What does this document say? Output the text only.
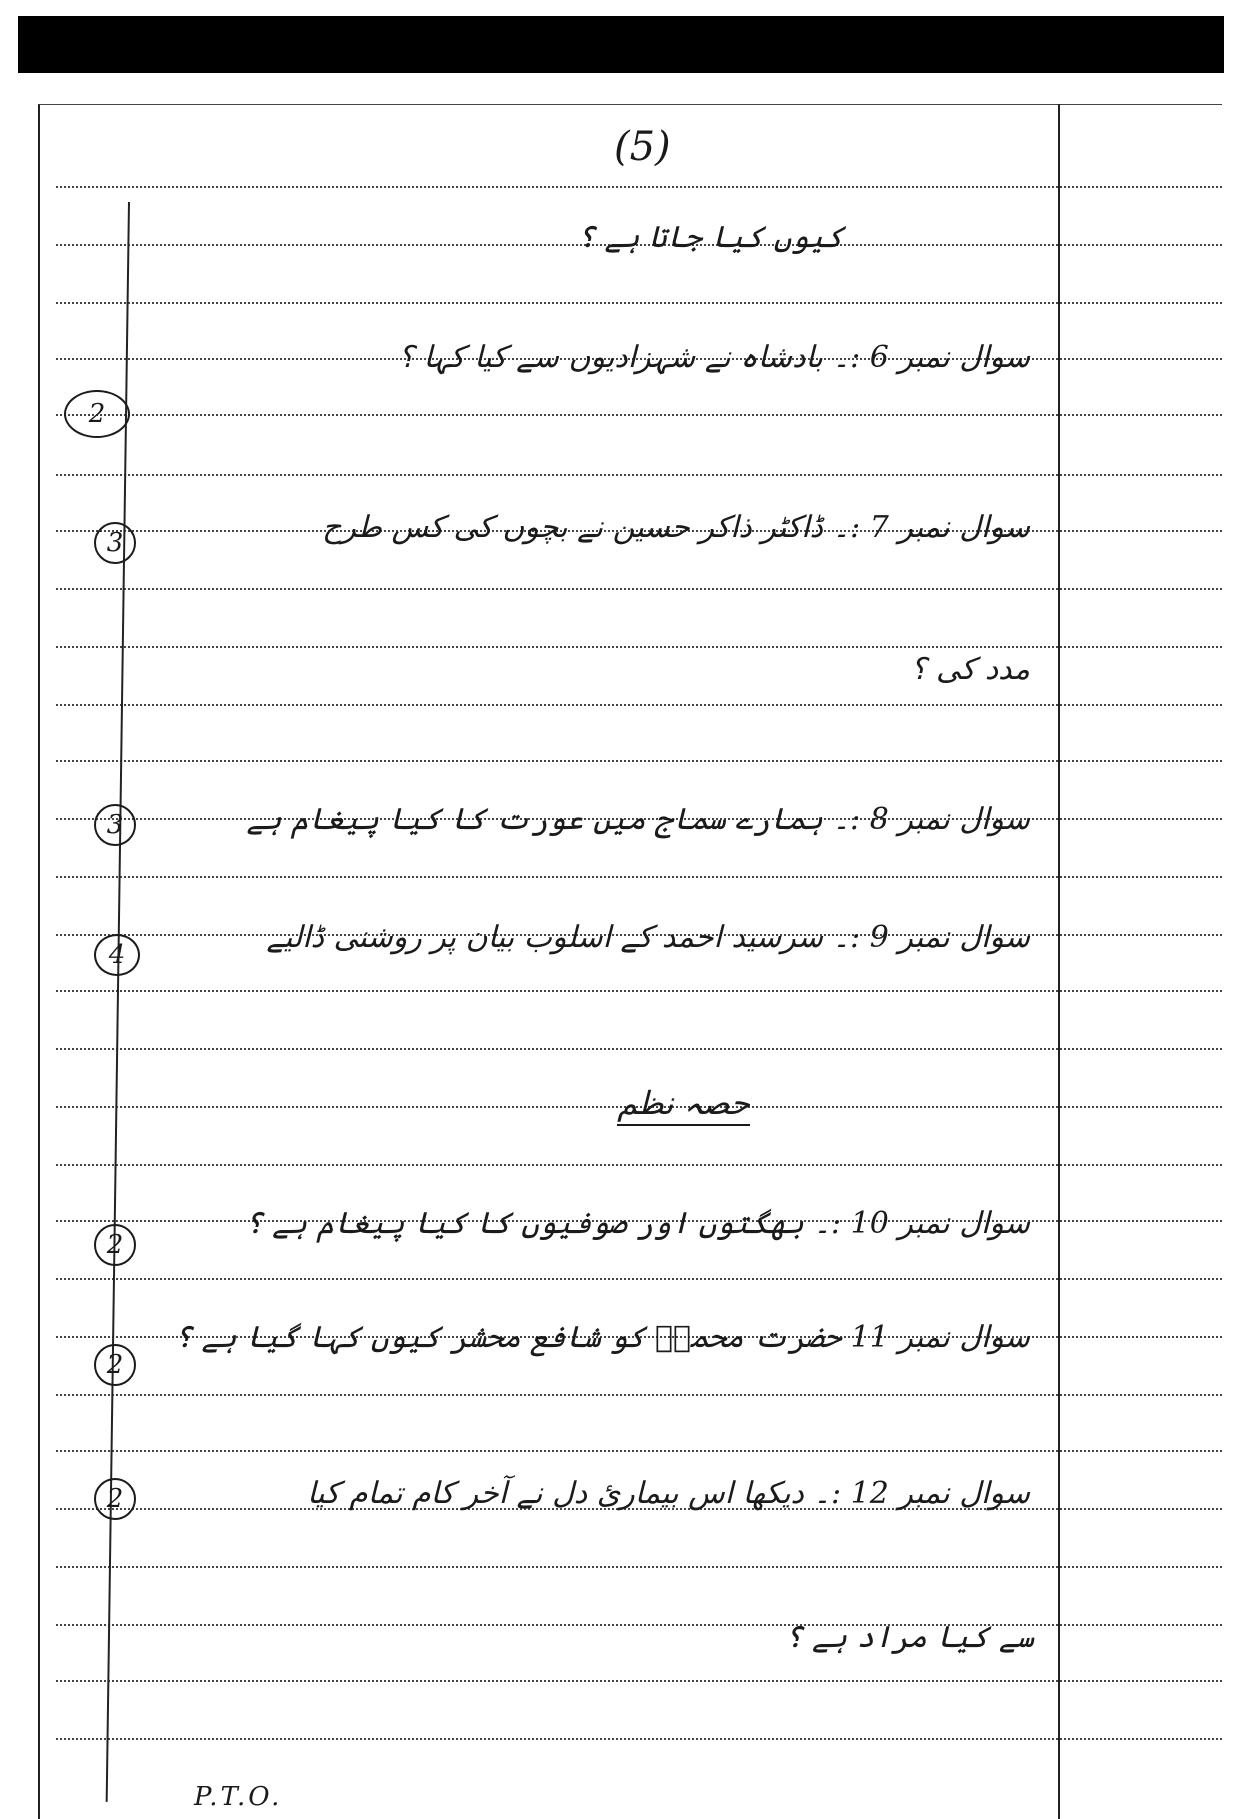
(5)
کیوں کیا جاتا ہے ؟
سوال نمبر 6 :۔ بادشاہ نے شہزادیوں سے کیا کہا ؟
2
سوال نمبر 7 :۔ ڈاکٹر ذاکر حسین نے بچوں کی کس طرح
3
مدد کی ؟
سوال نمبر 8 :۔ ہمارے سماج میں عورت کا کیا پیغام ہے
3
سوال نمبر 9 :۔ سرسید احمد کے اسلوب بیان پر روشنی ڈالیے
4
حصہ نظم
سوال نمبر 10 :۔ بھگتوں اور صوفیوں کا کیا پیغام ہے ؟
2
سوال نمبر 11 حضرت محمدؐ کو شافع محشر کیوں کہا گیا ہے ؟
2
سوال نمبر 12 :۔ دیکھا اس بیماریٔ دل نے آخر کام تمام کیا
2
سے کیا مراد ہے ؟
P.T.O.
